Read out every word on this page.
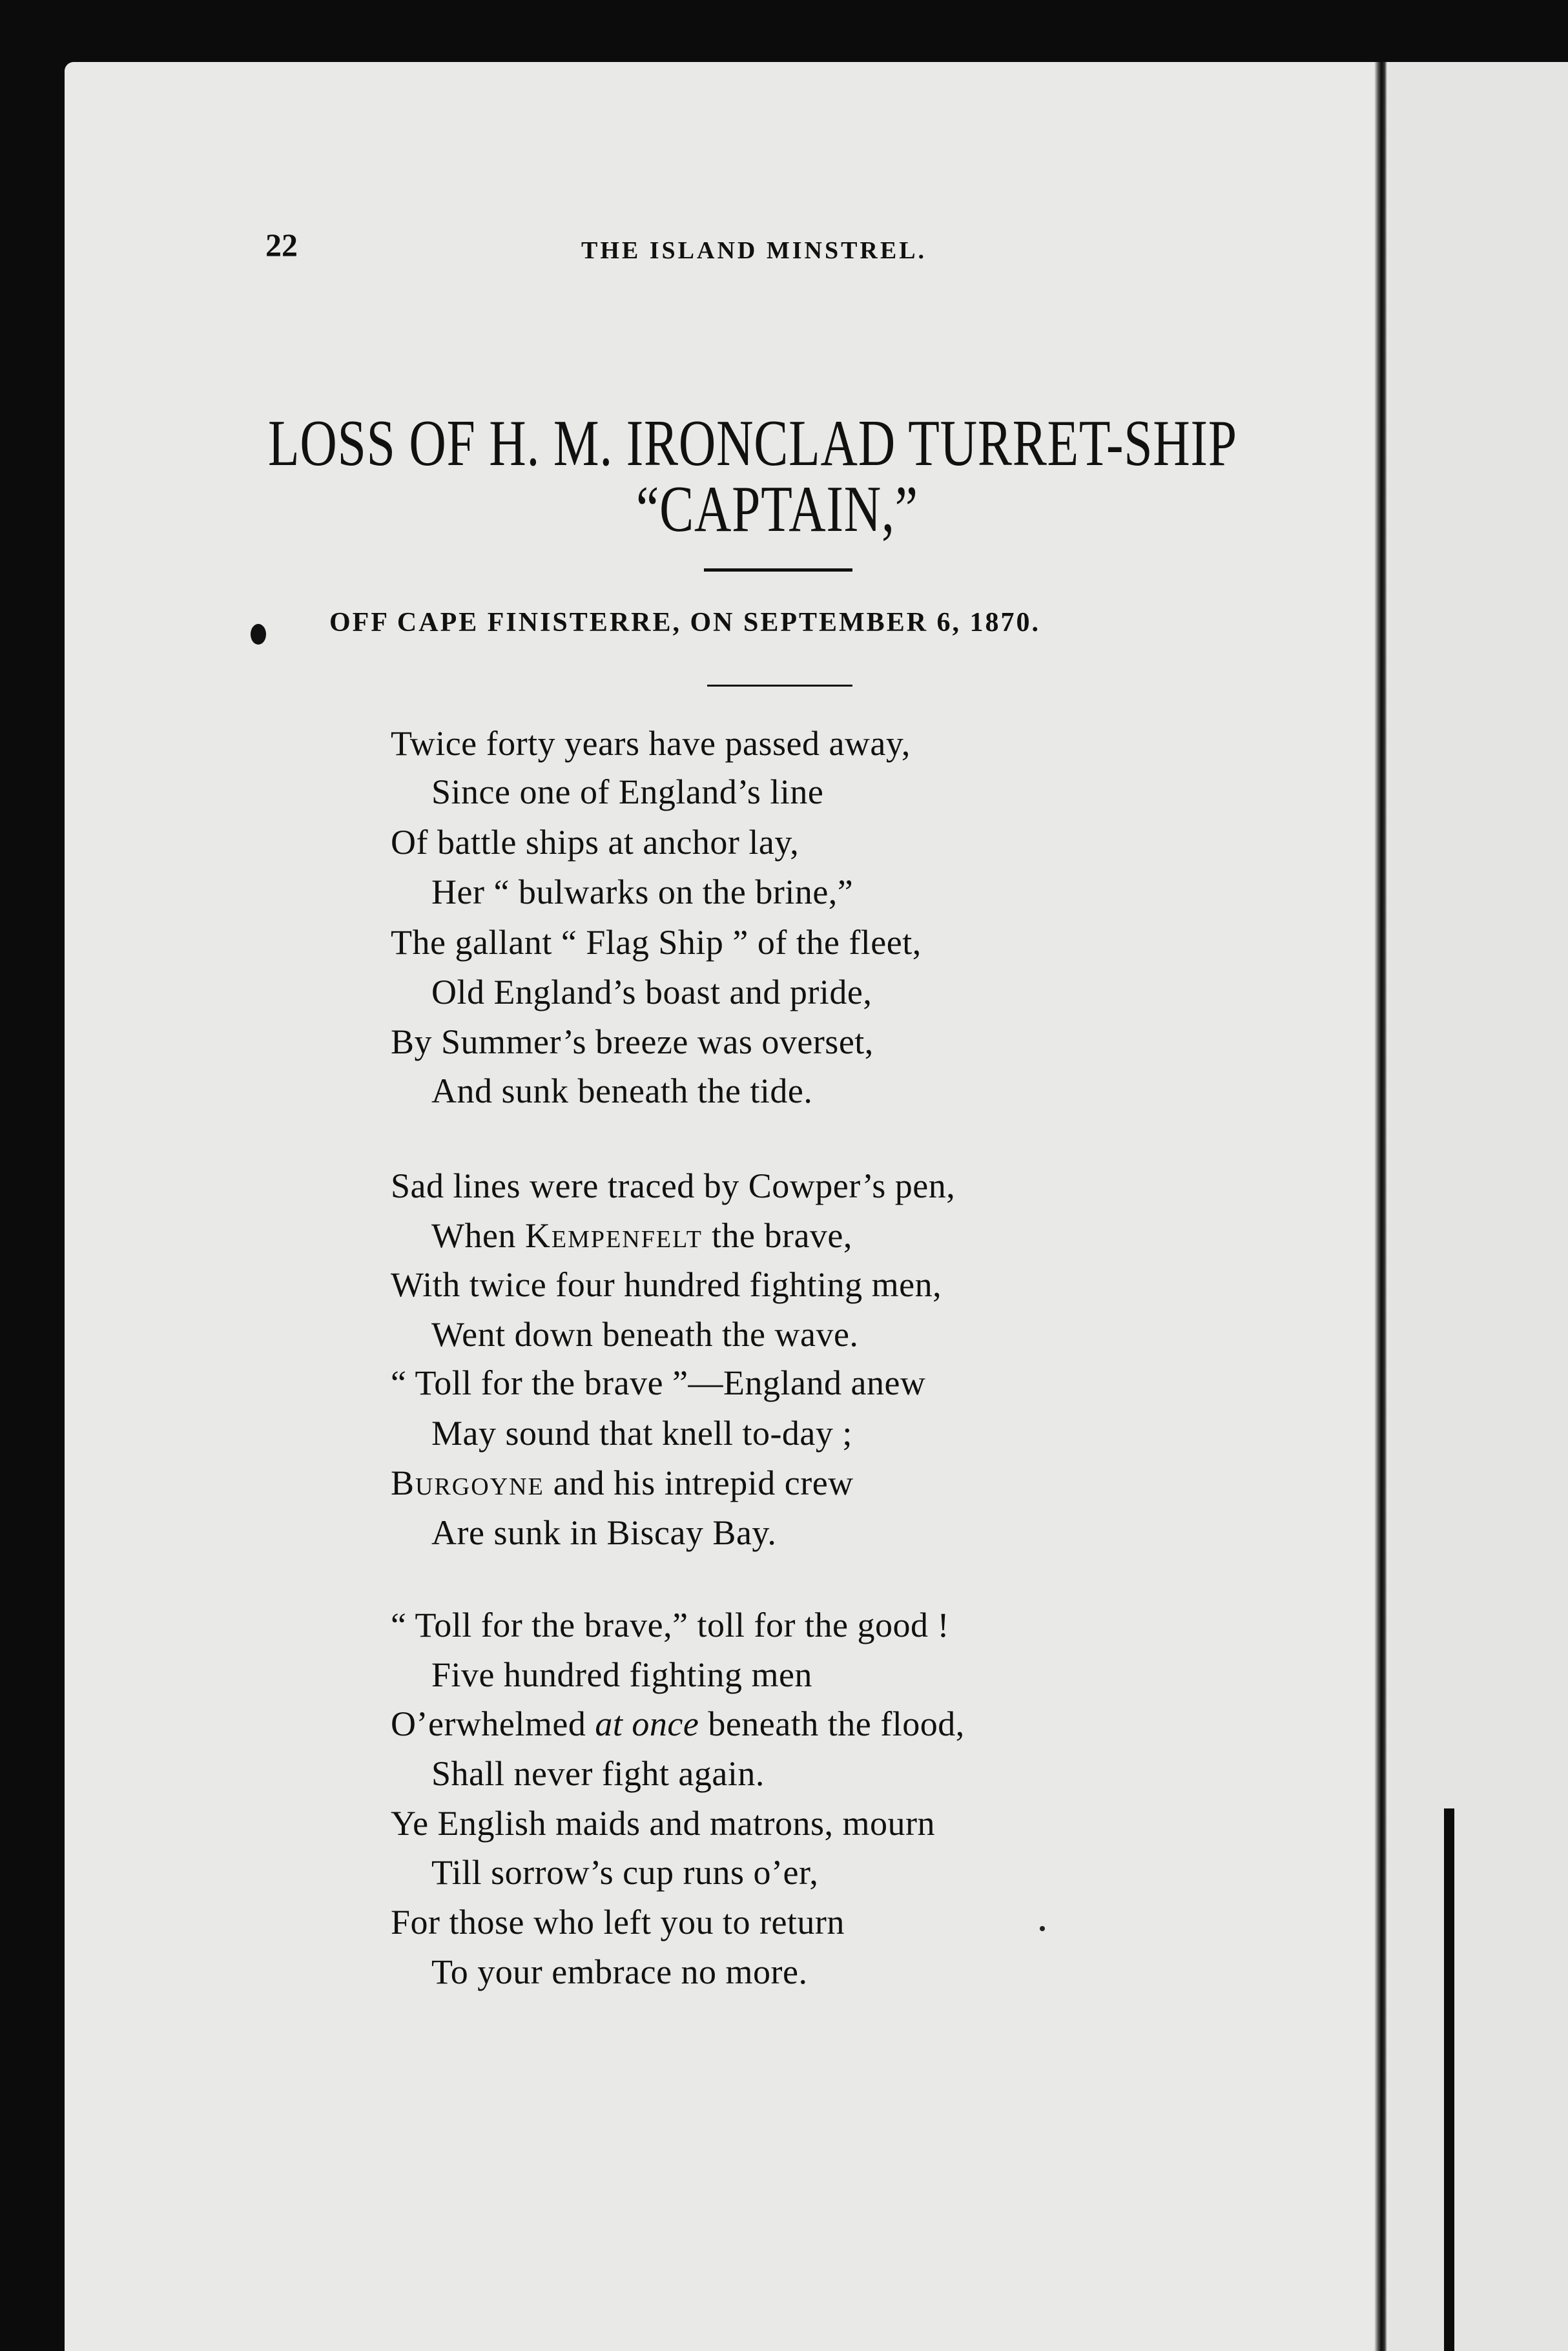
22	THE ISLAND MINSTREL.
LOSS OF H. M. IRONCLAD TURRET-SHIP
“CAPTAIN,”
OFF CAPE FINISTERRE, ON SEPTEMBER 6, 1870.
Twice forty years have passed away,
Since one of England’s line
Of battle ships at anchor lay,
Her “ bulwarks on the brine,”
The gallant “ Flag Ship ” of the fleet,
Old England’s boast and pride,
By Summer’s breeze was overset,
And sunk beneath the tide.
Sad lines were traced by Cowper’s pen,
When Kempenfelt the brave,
With twice four hundred fighting men,
Went down beneath the wave.
“ Toll for the brave ”—England anew
May sound that knell to-day ;
Burgoyne and his intrepid crew
Are sunk in Biscay Bay.
“ Toll for the brave,” toll for the good !
Five hundred fighting men
O’erwhelmed at once beneath the flood,
Shall never fight again.
Ye English maids and matrons, mourn
Till sorrow’s cup runs o’er,
For those who left you to return
To your embrace no more.
